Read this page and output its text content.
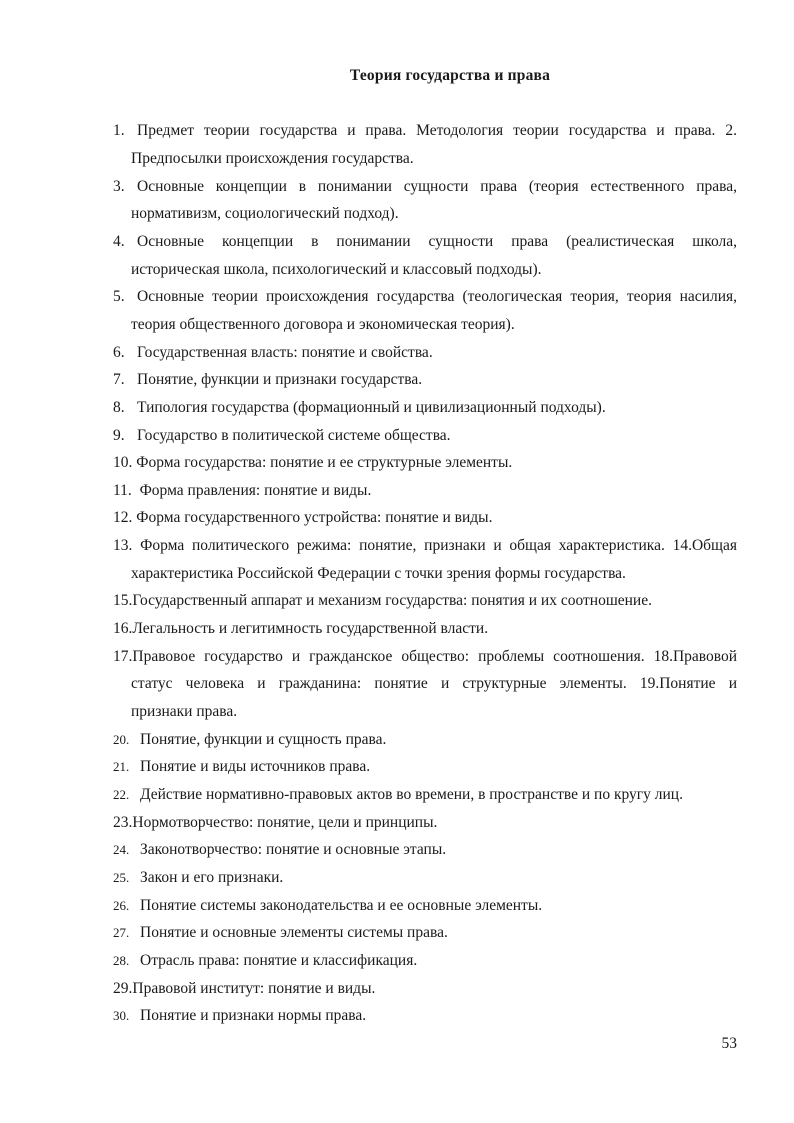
Теория государства и права
1. Предмет теории государства и права. Методология теории государства и права. 2.
Предпосылки происхождения государства.
3. Основные концепции в понимании сущности права (теория естественного права,
нормативизм, социологический подход).
4. Основные концепции в понимании сущности права (реалистическая школа,
историческая школа, психологический и классовый подходы).
5. Основные теории происхождения государства (теологическая теория, теория насилия,
теория общественного договора и экономическая теория).
6. Государственная власть: понятие и свойства.
7. Понятие, функции и признаки государства.
8. Типология государства (формационный и цивилизационный подходы).
9. Государство в политической системе общества.
10. Форма государства: понятие и ее структурные элементы.
11.  Форма правления: понятие и виды.
12. Форма государственного устройства: понятие и виды.
13.  Форма политического режима: понятие, признаки и общая характеристика. 14.Общая
характеристика Российской Федерации с точки зрения формы государства.
15.Государственный аппарат и механизм государства: понятия и их соотношение.
16.Легальность и легитимность государственной власти.
17.Правовое государство и гражданское общество: проблемы соотношения. 18.Правовой
статус человека и гражданина: понятие и структурные элементы. 19.Понятие и
признаки права.
20. Понятие, функции и сущность права.
21. Понятие и виды источников права.
22. Действие нормативно-правовых актов во времени, в пространстве и по кругу лиц.
23.Нормотворчество: понятие, цели и принципы.
24. Законотворчество: понятие и основные этапы.
25. Закон и его признаки.
26. Понятие системы законодательства и ее основные элементы.
27. Понятие и основные элементы системы права.
28. Отрасль права: понятие и классификация.
29.Правовой институт: понятие и виды.
30. Понятие и признаки нормы права.
53
